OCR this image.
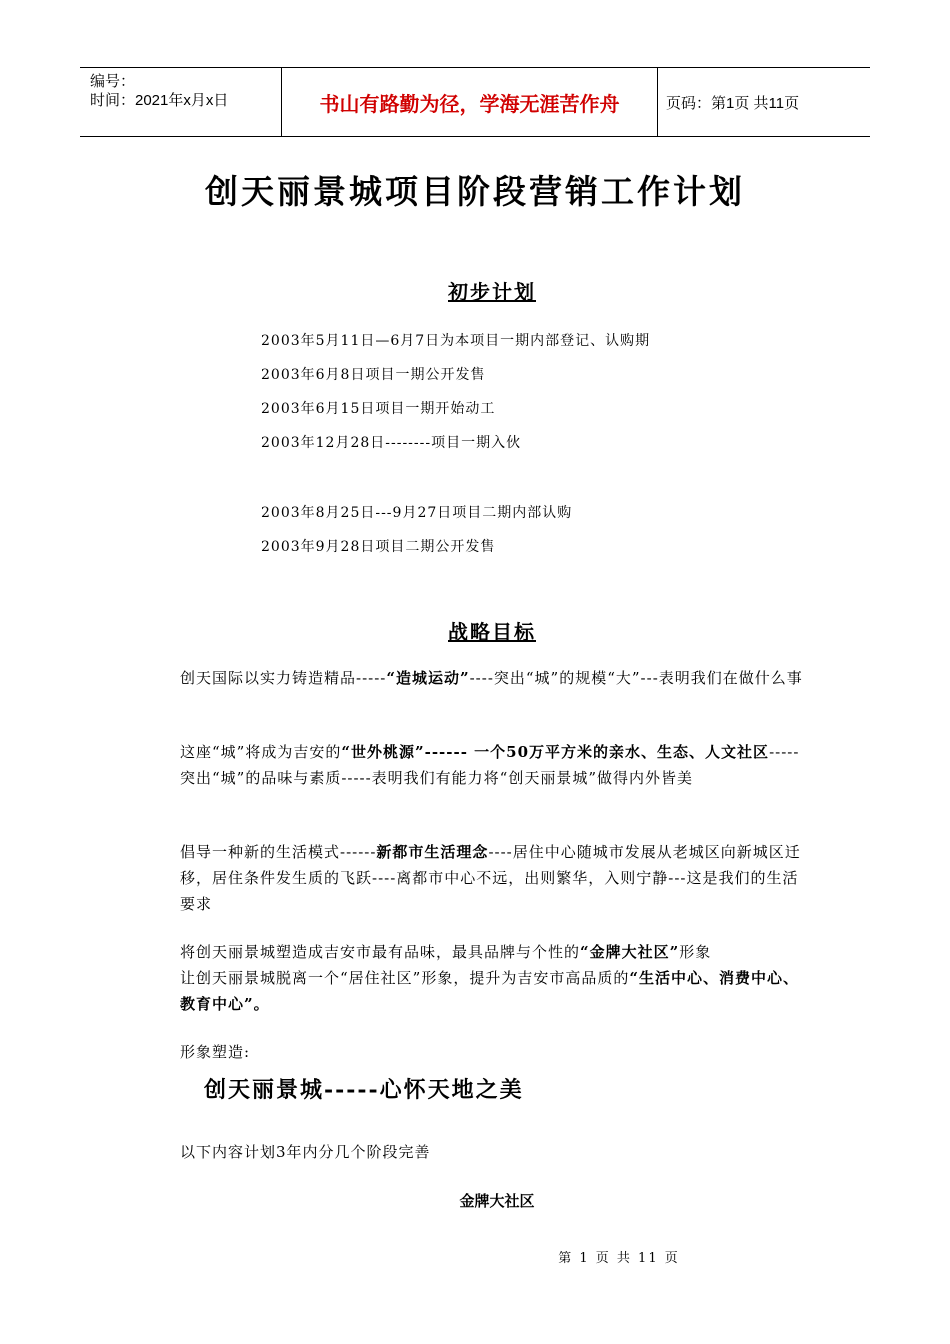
编号：
时间：2021年x月x日	书山有路勤为径，学海无涯苦作舟	页码：第1页 共11页
创天丽景城项目阶段营销工作计划
初步计划
2003年5月11日—6月7日为本项目一期内部登记、认购期
2003年6月8日项目一期公开发售
2003年6月15日项目一期开始动工
2003年12月28日--------项目一期入伙
2003年8月25日---9月27日项目二期内部认购
2003年9月28日项目二期公开发售
战略目标
创天国际以实力铸造精品-----“造城运动”----突出“城”的规模“大”---表明我们在做什么事
这座“城”将成为吉安的“世外桃源”------ 一个50万平方米的亲水、生态、人文社区-----突出“城”的品味与素质-----表明我们有能力将“创天丽景城”做得内外皆美
倡导一种新的生活模式------新都市生活理念----居住中心随城市发展从老城区向新城区迁移，居住条件发生质的飞跃----离都市中心不远，出则繁华，入则宁静---这是我们的生活要求
将创天丽景城塑造成吉安市最有品味，最具品牌与个性的“金牌大社区”形象
让创天丽景城脱离一个“居住社区”形象，提升为吉安市高品质的“生活中心、消费中心、教育中心”。
形象塑造:
创天丽景城-----心怀天地之美
以下内容计划3年内分几个阶段完善
金牌大社区
第 1 页 共 11 页
